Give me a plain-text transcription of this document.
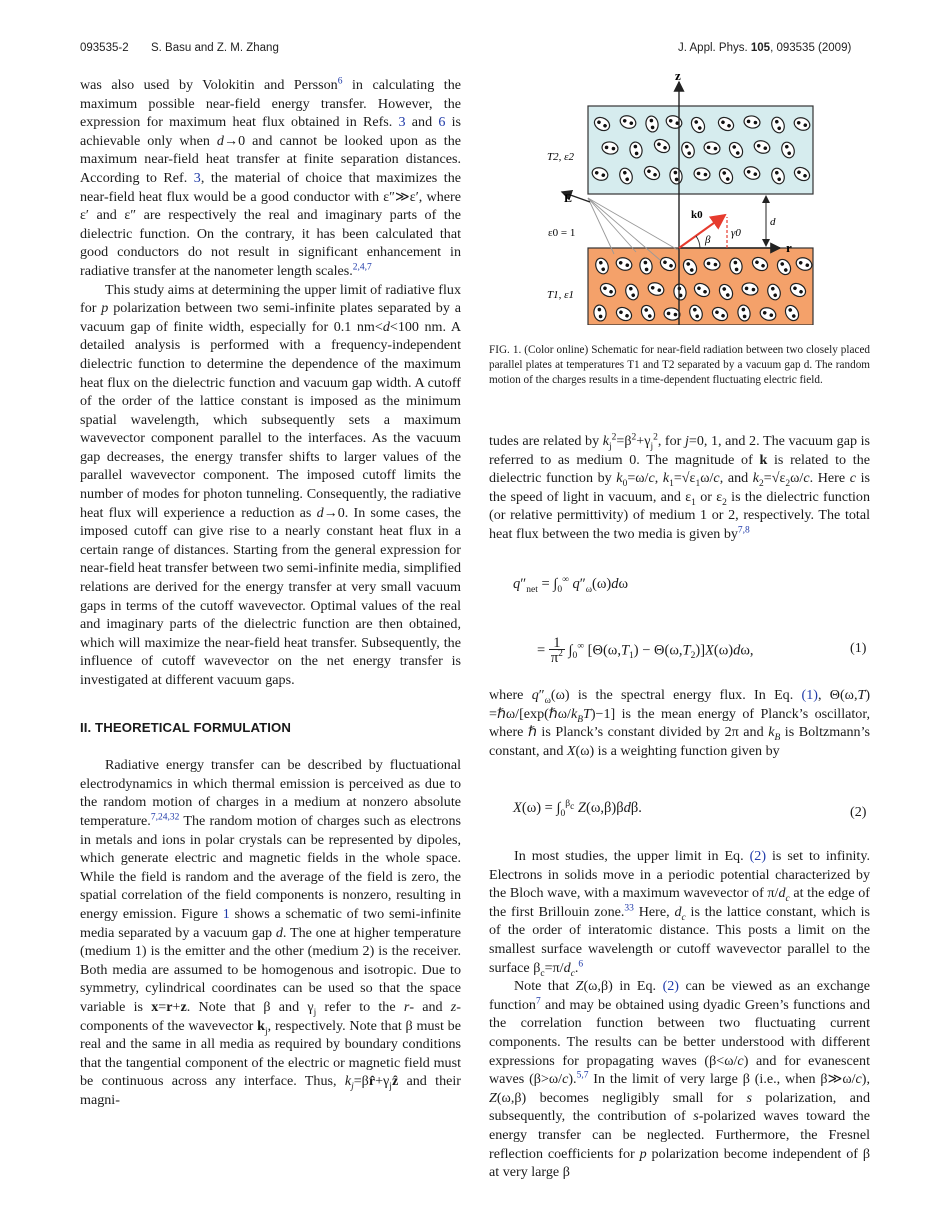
093535-2 S. Basu and Z. M. Zhang	J. Appl. Phys. 105, 093535 (2009)

was also used by Volokitin and Persson$^6$ in calculating the maximum possible near-field energy transfer. However, the expression for maximum heat flux obtained in Refs. 3 and 6 is achievable only when d→0 and cannot be looked upon as the maximum near-field heat transfer at finite separation distances. According to Ref. 3, the material of choice that maximizes the near-field heat flux would be a good conductor with ε″≫ε′, where ε′ and ε″ are respectively the real and imaginary parts of the dielectric function. On the contrary, it has been calculated that good conductors do not result in significant enhancement in radiative transfer at the nanometer length scales.$^{2,4,7}$

This study aims at determining the upper limit of radiative flux for p polarization between two semi-infinite plates separated by a vacuum gap of finite width, especially for 0.1 nm<d<100 nm. A detailed analysis is performed with a frequency-independent dielectric function to determine the dependence of the maximum heat flux on the dielectric function and vacuum gap width. A cutoff of the order of the lattice constant is imposed as the minimum spatial wavelength, which subsequently sets a maximum wavevector component parallel to the interfaces. As the vacuum gap decreases, the energy transfer shifts to larger values of the parallel wavevector component. The imposed cutoff limits the number of modes for photon tunneling. Consequently, the radiative heat flux will experience a reduction as d→0. In some cases, the imposed cutoff can give rise to a nearly constant heat flux in a certain range of distances. Starting from the general expression for near-field heat transfer between two semi-infinite media, simplified relations are derived for the energy transfer at very small vacuum gaps in terms of the cutoff wavevector. Optimal values of the real and imaginary parts of the dielectric function are then obtained, which will maximize the near-field heat transfer. Subsequently, the influence of cutoff wavevector on the net energy transfer is investigated at different vacuum gaps.

II. THEORETICAL FORMULATION

Radiative energy transfer can be described by fluctuational electrodynamics in which thermal emission is perceived as due to the random motion of charges in a medium at nonzero absolute temperature.$^{7,24,32}$ The random motion of charges such as electrons in metals and ions in polar crystals can be represented by dipoles, which generate electric and magnetic fields in the whole space. While the field is random and the average of the field is zero, the spatial correlation of the field components is nonzero, resulting in energy emission. Figure 1 shows a schematic of two semi-infinite media separated by a vacuum gap d. The one at higher temperature (medium 1) is the emitter and the other (medium 2) is the receiver. Both media are assumed to be homogenous and isotropic. Due to symmetry, cylindrical coordinates can be used so that the space variable is x=r+z. Note that β and $\gamma_j$ refer to the r- and z-components of the wavevector $k_j$, respectively. Note that β must be real and the same in all media as required by boundary conditions that the tangential component of the electric or magnetic field must be continuous across any interface. Thus, $k_j=\beta r̂+\gamma_jẑ$ and their magni-

z
r
E
T2, ε2
ε0 = 1
T1, ε1
k0
γ0
β
d
FIG. 1. (Color online) Schematic for near-field radiation between two closely placed parallel plates at temperatures T1 and T2 separated by a vacuum gap d. The random motion of the charges results in a time-dependent fluctuating electric field.

tudes are related by $k_j^2=\beta^2+\gamma_j^2$, for j=0, 1, and 2. The vacuum gap is referred to as medium 0. The magnitude of k is related to the dielectric function by $k_0=\omega/c$, $k_1=√\varepsilon_1\omega/c$, and $k_2=√\varepsilon_2\omega/c$. Here c is the speed of light in vacuum, and $\varepsilon_1$ or $\varepsilon_2$ is the dielectric function (or relative permittivity) of medium 1 or 2, respectively. The total heat flux between the two media is given by$^{7,8}$

$q''_{net} = \int_0^\infty$ $q''_\omega(\omega)d\omega$
= 1
$\pi^2$ $\int_0^\infty$ $[\Theta(\omega,T_1) - \Theta(\omega,T_2)]X(\omega)d\omega$,	(1)

where $q''_\omega(\omega)$ is the spectral energy flux. In Eq. (1), $\Theta(\omega,T) =\hbar\omega/[\exp(\hbar\omega/k_BT)-1]$ is the mean energy of Planck’s oscillator, where ℏ is Planck’s constant divided by 2π and $k_B$ is Boltzmann’s constant, and X(ω) is a weighting function given by

$X(\omega) = \int_0^{\beta_c}$ Z(ω,β)βdβ.	(2)

In most studies, the upper limit in Eq. (2) is set to infinity. Electrons in solids move in a periodic potential characterized by the Bloch wave, with a maximum wavevector of $\pi/d_c$ at the edge of the first Brillouin zone.$^{33}$ Here, $d_c$ is the lattice constant, which is of the order of interatomic distance. This posts a limit on the smallest surface wavelength or cutoff wavevector parallel to the surface $\beta_c=\pi/d_c.^6$

Note that Z(ω,β) in Eq. (2) can be viewed as an exchange function$^7$ and may be obtained using dyadic Green’s functions and the correlation function between two fluctuating current components. The results can be better understood with different expressions for propagating waves (β<ω/c) and for evanescent waves (β>ω/c).$^{5,7}$ In the limit of very large β (i.e., when β≫ω/c), Z(ω,β) becomes negligibly small for s polarization, and subsequently, the contribution of s-polarized waves toward the energy transfer can be neglected. Furthermore, the Fresnel reflection coefficients for p polarization become independent of β at very large β
